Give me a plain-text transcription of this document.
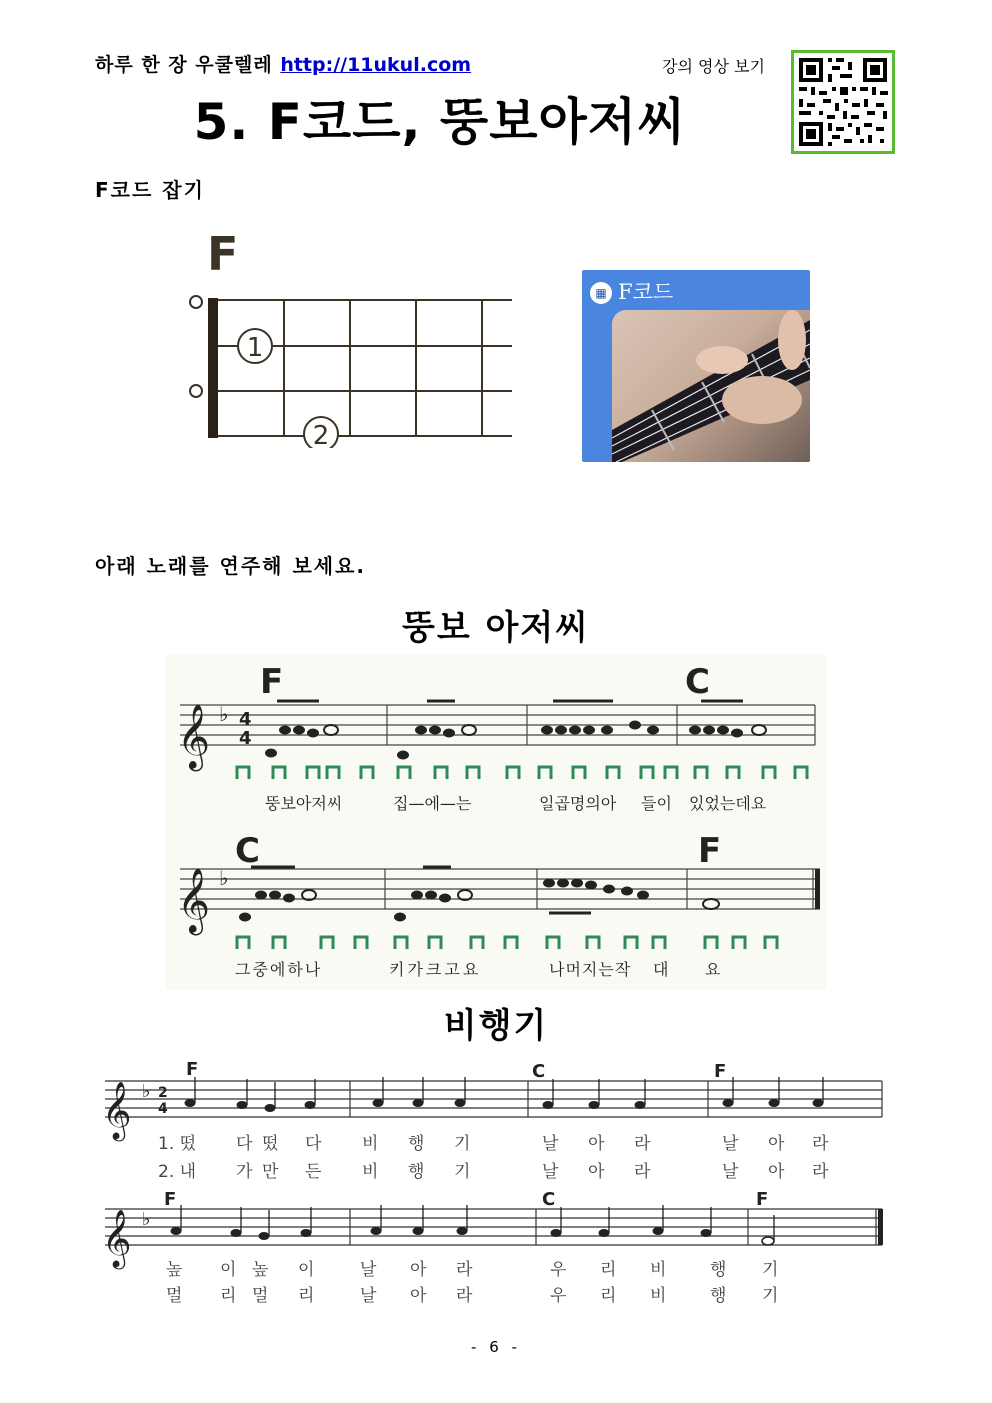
하루 한 장 우쿨렐레 http://11ukul.com	강의 영상 보기
5. F코드, 뚱보아저씨
F코드 잡기
F
1
2
▦ F코드
아래 노래를 연주해 보세요.
뚱보 아저씨
F	C
𝄞 ♭ 4
4
뚱보아저씨	집—에—는	일곱명의아 들이 있었는데요
C	F
𝄞 ♭
그중에하나	키가크고요	나머지는작 대 요
비행기
F	C	F
𝄞 ♭ 2
4
1. 떴 다 떴 다 비 행 기	날 아 라	날 아 라
2. 내 가 만 든 비 행 기	날 아 라	날 아 라
F	C	F
𝄞 ♭
높 이 높 이	날 아 라	우 리 비	행 기
멀 리 멀 리	날 아 라	우 리 비	행 기
- 6 -
